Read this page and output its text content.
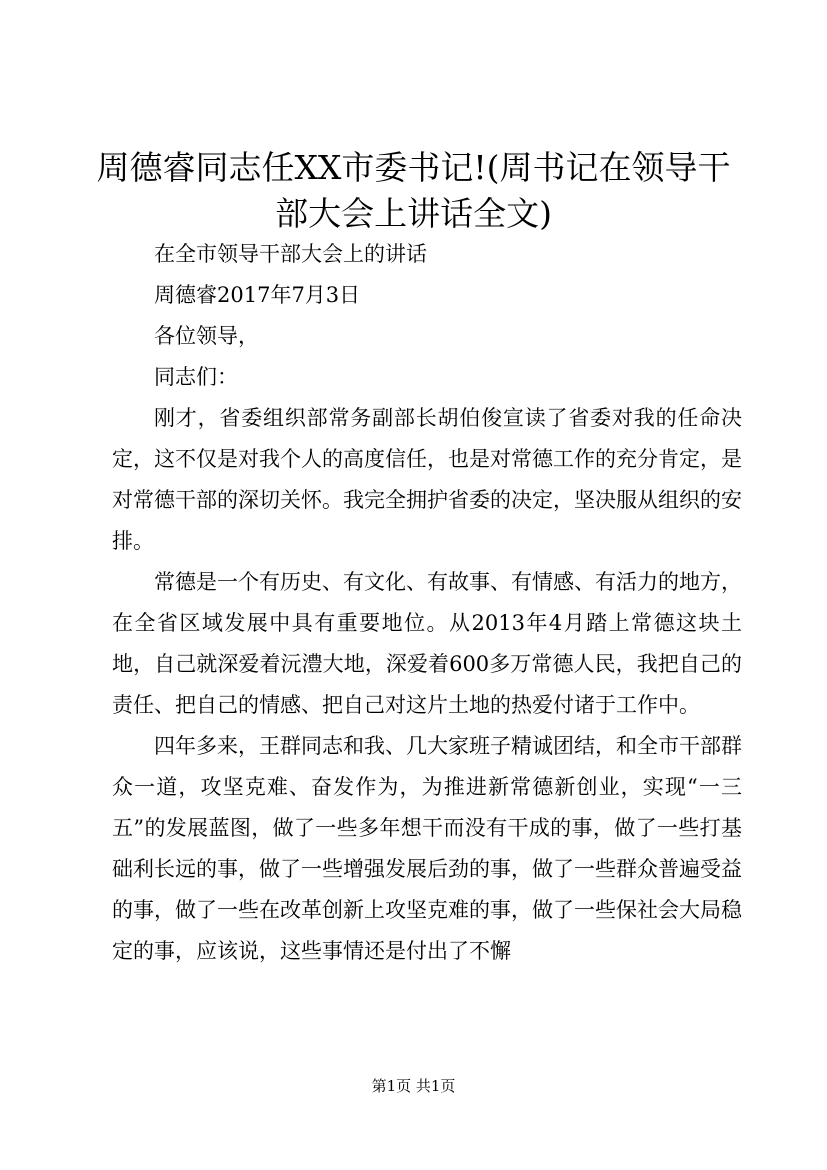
周德睿同志任XX市委书记!(周书记在领导干部大会上讲话全文)

在全市领导干部大会上的讲话

周德睿2017年7月3日

各位领导，

同志们：

刚才，省委组织部常务副部长胡伯俊宣读了省委对我的任命决定，这不仅是对我个人的高度信任，也是对常德工作的充分肯定，是对常德干部的深切关怀。我完全拥护省委的决定，坚决服从组织的安排。

常德是一个有历史、有文化、有故事、有情感、有活力的地方，在全省区域发展中具有重要地位。从2013年4月踏上常德这块土地，自己就深爱着沅澧大地，深爱着600多万常德人民，我把自己的责任、把自己的情感、把自己对这片土地的热爱付诸于工作中。

四年多来，王群同志和我、几大家班子精诚团结，和全市干部群众一道，攻坚克难、奋发作为，为推进新常德新创业，实现“一三五”的发展蓝图，做了一些多年想干而没有干成的事，做了一些打基础利长远的事，做了一些增强发展后劲的事，做了一些群众普遍受益的事，做了一些在改革创新上攻坚克难的事，做了一些保社会大局稳定的事，应该说，这些事情还是付出了不懈

第1页 共1页
